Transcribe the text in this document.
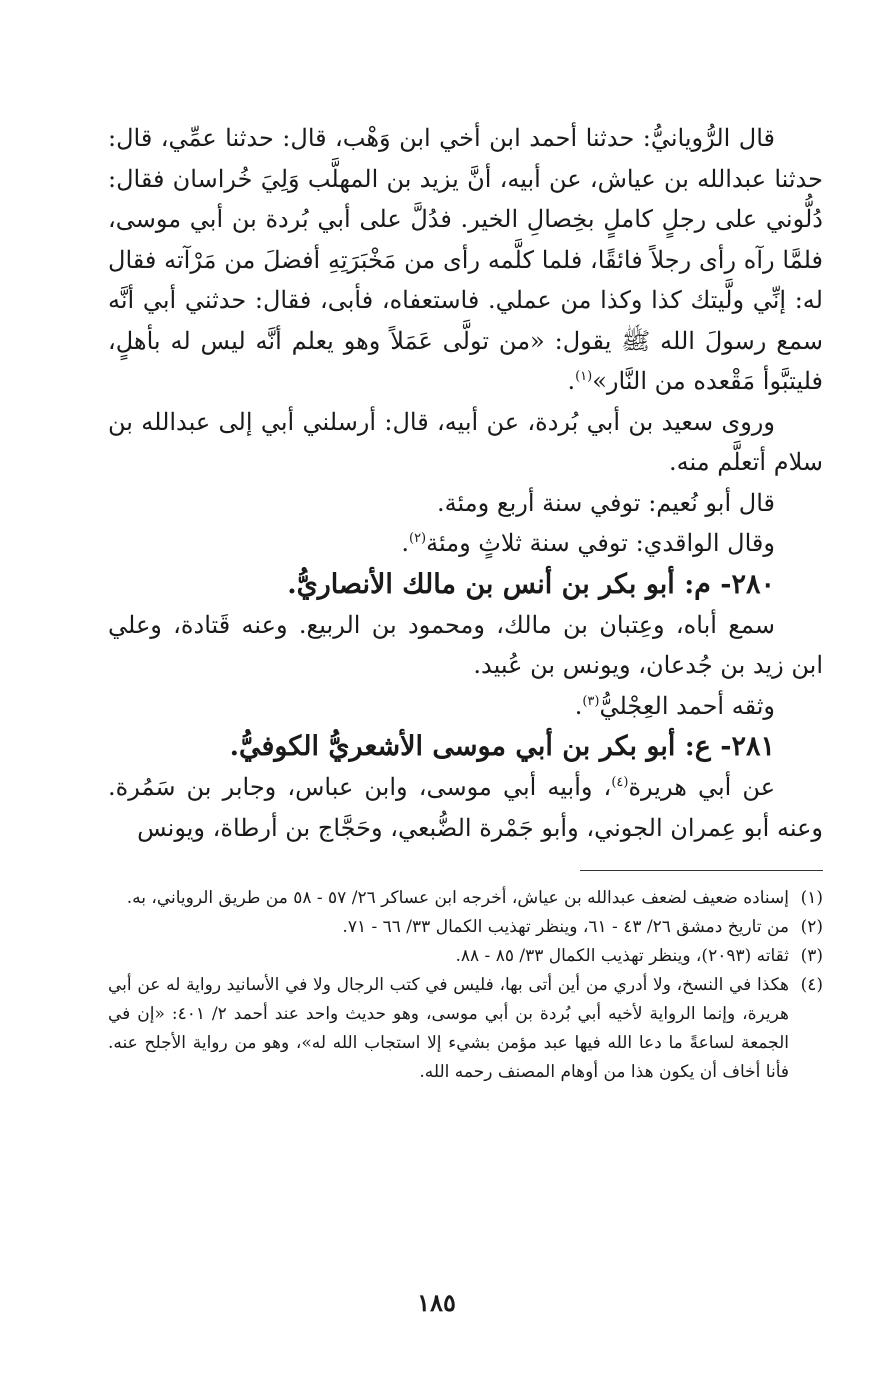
قال الرُّويانيُّ: حدثنا أحمد ابن أخي ابن وَهْب، قال: حدثنا عمِّي، قال: حدثنا عبدالله بن عياش، عن أبيه، أنَّ يزيد بن المهلَّب وَلِيَ خُراسان فقال: دُلُّوني على رجلٍ كاملٍ بخِصالِ الخير. فدُلَّ على أبي بُردة بن أبي موسى، فلمَّا رآه رأى رجلاً فائقًا، فلما كلَّمه رأى من مَخْبَرَتِهِ أفضلَ من مَرْآته فقال له: إنِّي ولَّيتك كذا وكذا من عملي. فاستعفاه، فأبى، فقال: حدثني أبي أنَّه سمع رسولَ الله ﷺ يقول: «من تولَّى عَمَلاً وهو يعلم أنَّه ليس له بأهلٍ، فليتبَّوأ مَقْعده من النَّار»$^{(١)}$.

وروى سعيد بن أبي بُردة، عن أبيه، قال: أرسلني أبي إلى عبدالله بن سلام أتعلَّم منه.

قال أبو نُعيم: توفي سنة أربع ومئة.

وقال الواقدي: توفي سنة ثلاثٍ ومئة$^{(٢)}$.

٢٨٠- م: أبو بكر بن أنس بن مالك الأنصاريُّ.

سمع أباه، وعِتبان بن مالك، ومحمود بن الربيع. وعنه قَتادة، وعلي ابن زيد بن جُدعان، ويونس بن عُبيد.

وثقه أحمد العِجْليُّ$^{(٣)}$.

٢٨١- ع: أبو بكر بن أبي موسى الأشعريُّ الكوفيُّ.

عن أبي هريرة$^{(٤)}$، وأبيه أبي موسى، وابن عباس، وجابر بن سَمُرة. وعنه أبو عِمران الجوني، وأبو جَمْرة الضُّبعي، وحَجَّاج بن أرطاة، ويونس

(١)
إسناده ضعيف لضعف عبدالله بن عياش، أخرجه ابن عساكر ٢٦/ ٥٧ - ٥٨ من طريق الروياني، به.
(٢)
من تاريخ دمشق ٢٦/ ٤٣ - ٦١، وينظر تهذيب الكمال ٣٣/ ٦٦ - ٧١.
(٣)
ثقاته (٢٠٩٣)، وينظر تهذيب الكمال ٣٣/ ٨٥ - ٨٨.
(٤)
هكذا في النسخ، ولا أدري من أين أتى بها، فليس في كتب الرجال ولا في الأسانيد رواية له عن أبي هريرة، وإنما الرواية لأخيه أبي بُردة بن أبي موسى، وهو حديث واحد عند أحمد ٢/ ٤٠١: «إن في الجمعة لساعةً ما دعا الله فيها عبد مؤمن بشيء إلا استجاب الله له»، وهو من رواية الأجلح عنه. فأنا أخاف أن يكون هذا من أوهام المصنف رحمه الله.
١٨٥
